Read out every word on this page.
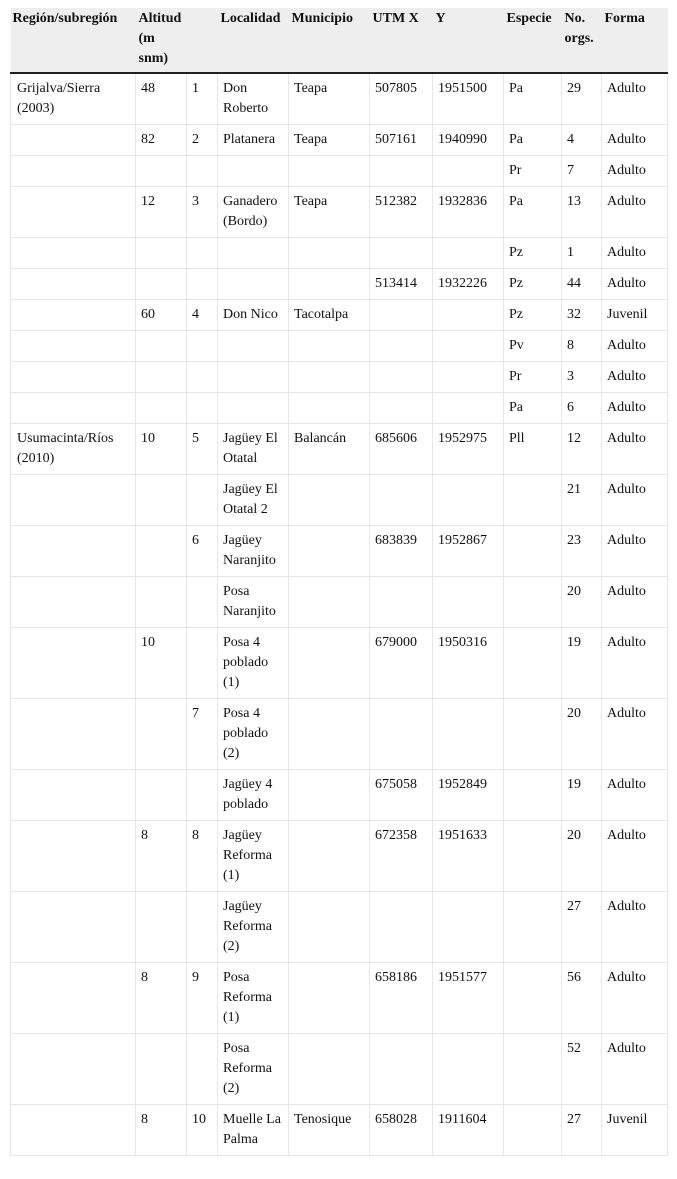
Región/subregión	Altitud (m snm)		Localidad	Municipio	UTM X	Y	Especie	No. orgs.	Forma
Grijalva/Sierra (2003)	48	1	Don Roberto	Teapa	507805	1951500	Pa	29	Adulto
	82	2	Platanera	Teapa	507161	1940990	Pa	4	Adulto
							Pr	7	Adulto
	12	3	Ganadero (Bordo)	Teapa	512382	1932836	Pa	13	Adulto
							Pz	1	Adulto
					513414	1932226	Pz	44	Adulto
	60	4	Don Nico	Tacotalpa			Pz	32	Juvenil
							Pv	8	Adulto
							Pr	3	Adulto
							Pa	6	Adulto
Usumacinta/Ríos (2010)	10	5	Jagüey El Otatal	Balancán	685606	1952975	Pll	12	Adulto
			Jagüey El Otatal 2					21	Adulto
		6	Jagüey Naranjito		683839	1952867		23	Adulto
			Posa Naranjito					20	Adulto
	10		Posa 4 poblado (1)		679000	1950316		19	Adulto
		7	Posa 4 poblado (2)					20	Adulto
			Jagüey 4 poblado		675058	1952849		19	Adulto
	8	8	Jagüey Reforma (1)		672358	1951633		20	Adulto
			Jagüey Reforma (2)					27	Adulto
	8	9	Posa Reforma (1)		658186	1951577		56	Adulto
			Posa Reforma (2)					52	Adulto
	8	10	Muelle La Palma	Tenosique	658028	1911604		27	Juvenil
